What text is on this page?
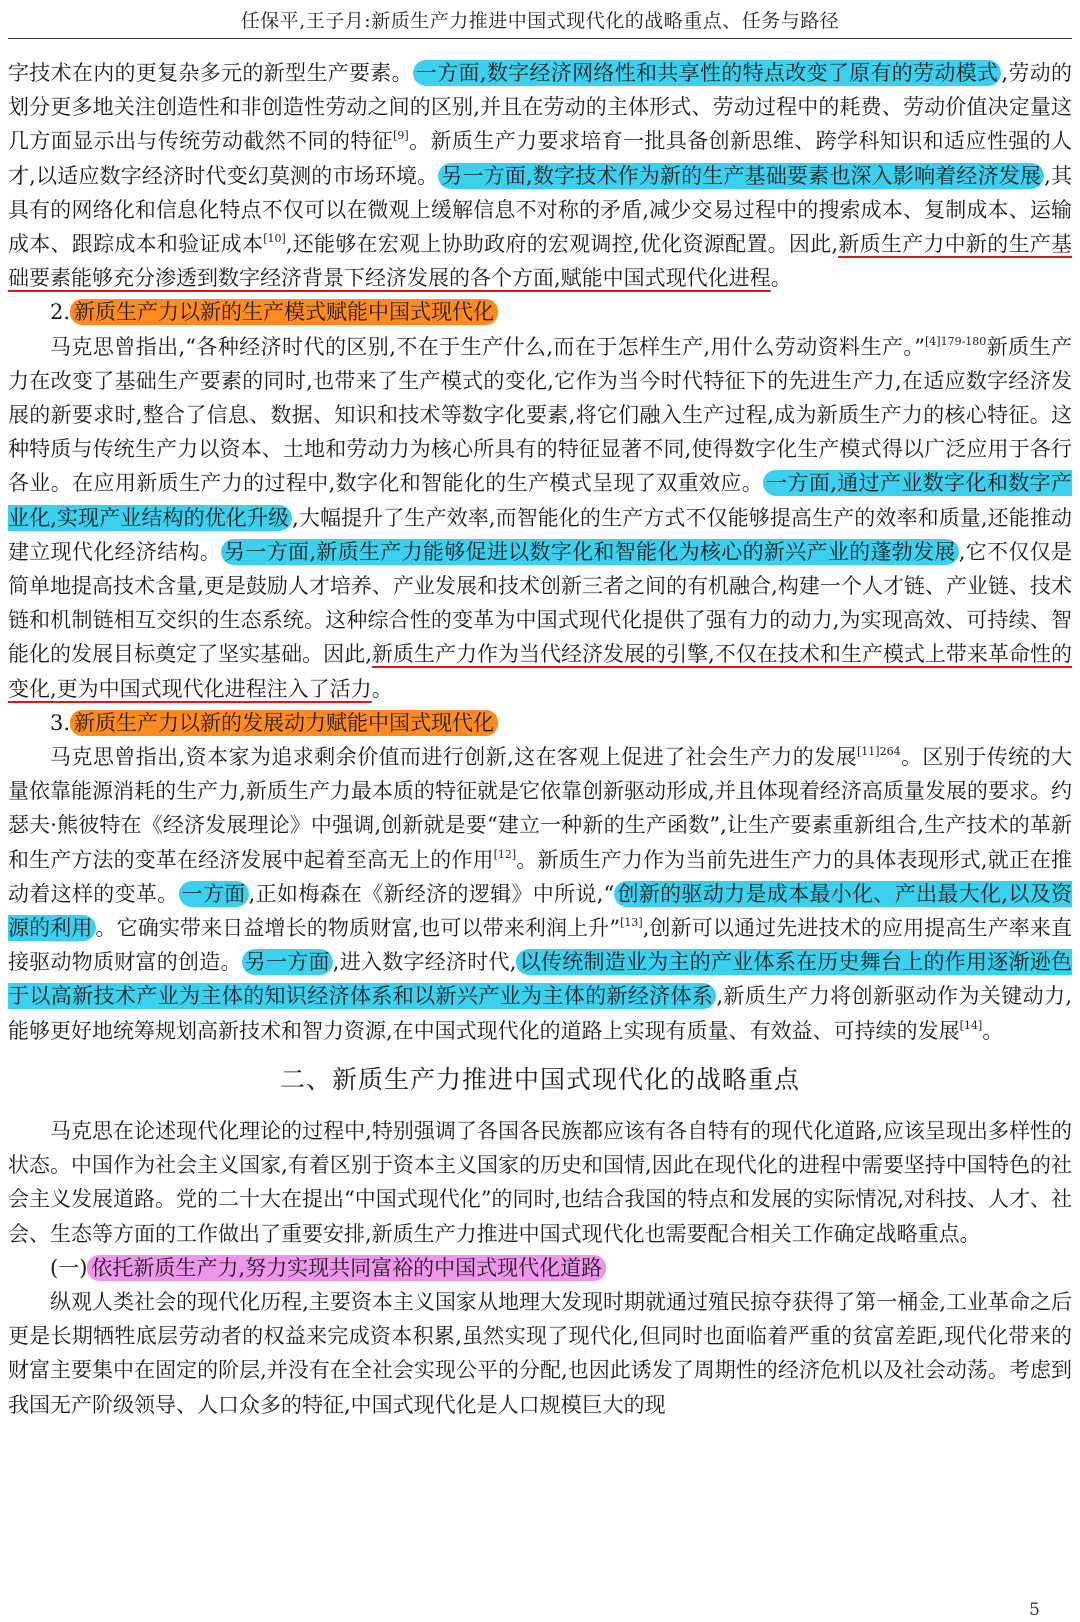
任保平,王子月:新质生产力推进中国式现代化的战略重点、任务与路径

字技术在内的更复杂多元的新型生产要素。 一方面,数字经济网络性和共享性的特点改变了原有的劳动模式 ,劳动的划分更多地关注创造性和非创造性劳动之间的区别,并且在劳动的主体形式、劳动过程中的耗费、劳动价值决定量这几方面显示出与传统劳动截然不同的特征[9]。新质生产力要求培育一批具备创新思维、跨学科知识和适应性强的人才,以适应数字经济时代变幻莫测的市场环境。 另一方面,数字技术作为新的生产基础要素也深入影响着经济发展 ,其具有的网络化和信息化特点不仅可以在微观上缓解信息不对称的矛盾,减少交易过程中的搜索成本、复制成本、运输成本、跟踪成本和验证成本[10],还能够在宏观上协助政府的宏观调控,优化资源配置。因此,新质生产力中新的生产基础要素能够充分渗透到数字经济背景下经济发展的各个方面,赋能中国式现代化进程。

2. 新质生产力以新的生产模式赋能中国式现代化

马克思曾指出,“各种经济时代的区别,不在于生产什么,而在于怎样生产,用什么劳动资料生产。”$^{[4]179-180}$新质生产力在改变了基础生产要素的同时,也带来了生产模式的变化,它作为当今时代特征下的先进生产力,在适应数字经济发展的新要求时,整合了信息、数据、知识和技术等数字化要素,将它们融入生产过程,成为新质生产力的核心特征。这种特质与传统生产力以资本、土地和劳动力为核心所具有的特征显著不同,使得数字化生产模式得以广泛应用于各行各业。在应用新质生产力的过程中,数字化和智能化的生产模式呈现了双重效应。 一方面,通过产业数字化和数字产业化,实现产业结构的优化升级 ,大幅提升了生产效率,而智能化的生产方式不仅能够提高生产的效率和质量,还能推动建立现代化经济结构。 另一方面,新质生产力能够促进以数字化和智能化为核心的新兴产业的蓬勃发展 ,它不仅仅是简单地提高技术含量,更是鼓励人才培养、产业发展和技术创新三者之间的有机融合,构建一个人才链、产业链、技术链和机制链相互交织的生态系统。这种综合性的变革为中国式现代化提供了强有力的动力,为实现高效、可持续、智能化的发展目标奠定了坚实基础。因此,新质生产力作为当代经济发展的引擎,不仅在技术和生产模式上带来革命性的变化,更为中国式现代化进程注入了活力。

3. 新质生产力以新的发展动力赋能中国式现代化

马克思曾指出,资本家为追求剩余价值而进行创新,这在客观上促进了社会生产力的发展$^{[11]264}$。区别于传统的大量依靠能源消耗的生产力,新质生产力最本质的特征就是它依靠创新驱动形成,并且体现着经济高质量发展的要求。约瑟夫·熊彼特在《经济发展理论》中强调,创新就是要“建立一种新的生产函数”,让生产要素重新组合,生产技术的革新和生产方法的变革在经济发展中起着至高无上的作用[12]。新质生产力作为当前先进生产力的具体表现形式,就正在推动着这样的变革。 一方面 ,正如梅森在《新经济的逻辑》中所说,“ 创新的驱动力是成本最小化、产出最大化,以及资源的利用 。它确实带来日益增长的物质财富,也可以带来利润上升”[13],创新可以通过先进技术的应用提高生产率来直接驱动物质财富的创造。 另一方面 ,进入数字经济时代, 以传统制造业为主的产业体系在历史舞台上的作用逐渐逊色于以高新技术产业为主体的知识经济体系和以新兴产业为主体的新经济体系 ,新质生产力将创新驱动作为关键动力,能够更好地统筹规划高新技术和智力资源,在中国式现代化的道路上实现有质量、有效益、可持续的发展[14]。

二、新质生产力推进中国式现代化的战略重点

马克思在论述现代化理论的过程中,特别强调了各国各民族都应该有各自特有的现代化道路,应该呈现出多样性的状态。中国作为社会主义国家,有着区别于资本主义国家的历史和国情,因此在现代化的进程中需要坚持中国特色的社会主义发展道路。党的二十大在提出“中国式现代化”的同时,也结合我国的特点和发展的实际情况,对科技、人才、社会、生态等方面的工作做出了重要安排,新质生产力推进中国式现代化也需要配合相关工作确定战略重点。

(一) 依托新质生产力,努力实现共同富裕的中国式现代化道路

纵观人类社会的现代化历程,主要资本主义国家从地理大发现时期就通过殖民掠夺获得了第一桶金,工业革命之后更是长期牺牲底层劳动者的权益来完成资本积累,虽然实现了现代化,但同时也面临着严重的贫富差距,现代化带来的财富主要集中在固定的阶层,并没有在全社会实现公平的分配,也因此诱发了周期性的经济危机以及社会动荡。考虑到我国无产阶级领导、人口众多的特征,中国式现代化是人口规模巨大的现

5
